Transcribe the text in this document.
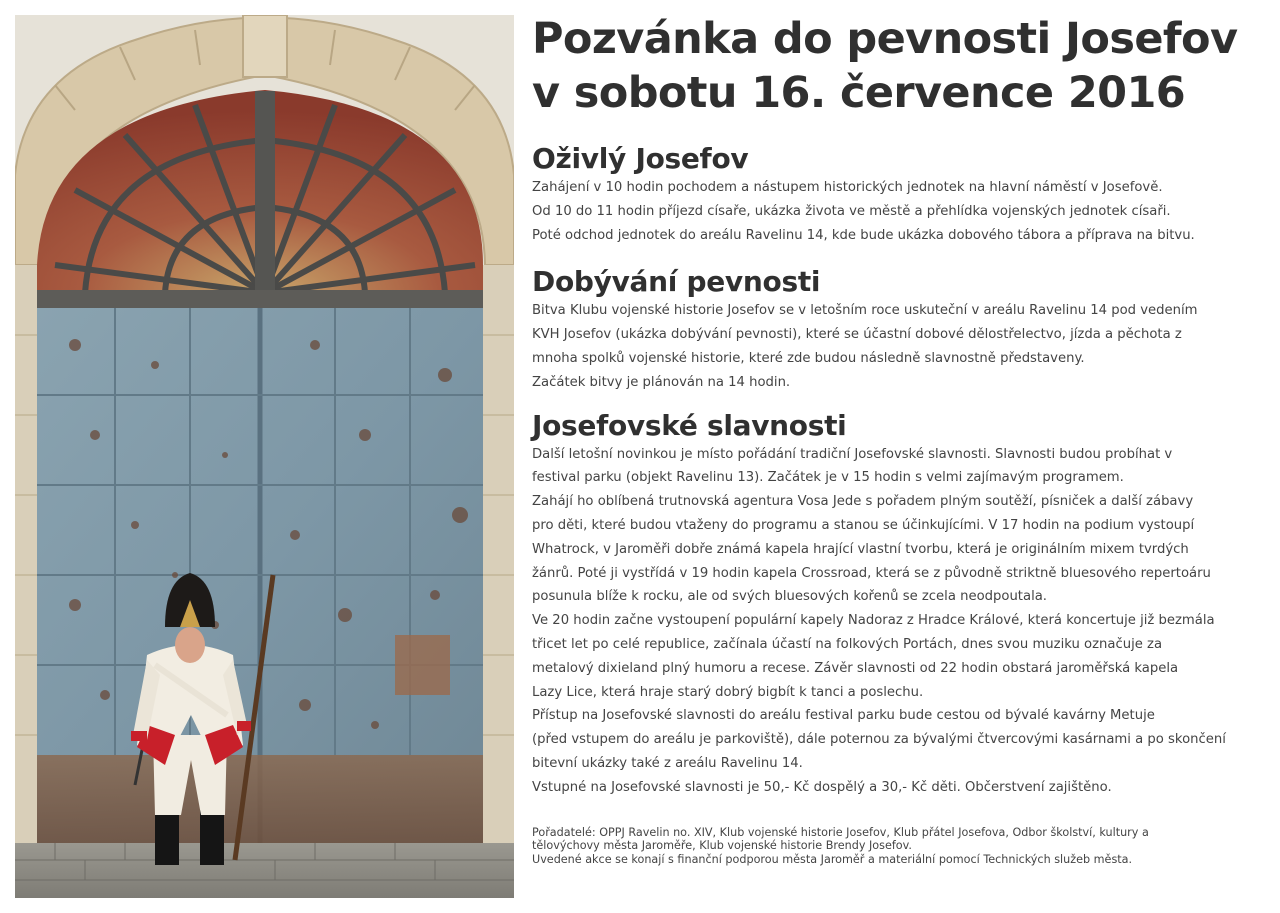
Pozvánka do pevnosti Josefov
v sobotu 16. července 2016
Oživlý Josefov

Zahájení v 10 hodin pochodem a nástupem historických jednotek na hlavní náměstí v Josefově.
Od 10 do 11 hodin příjezd císaře, ukázka života ve městě a přehlídka vojenských jednotek císaři.
Poté odchod jednotek do areálu Ravelinu 14, kde bude ukázka dobového tábora a příprava na bitvu.

Dobývání pevnosti

Bitva Klubu vojenské historie Josefov se v letošním roce uskuteční v areálu Ravelinu 14 pod vedením
KVH Josefov (ukázka dobývání pevnosti), které se účastní dobové dělostřelectvo, jízda a pěchota z
mnoha spolků vojenské historie, které zde budou následně slavnostně představeny.
Začátek bitvy je plánován na 14 hodin.

Josefovské slavnosti

Další letošní novinkou je místo pořádání tradiční Josefovské slavnosti. Slavnosti budou probíhat v
festival parku (objekt Ravelinu 13). Začátek je v 15 hodin s velmi zajímavým programem.
Zahájí ho oblíbená trutnovská agentura Vosa Jede s pořadem plným soutěží, písniček a další zábavy
pro děti, které budou vtaženy do programu a stanou se účinkujícími. V 17 hodin na podium vystoupí
Whatrock, v Jaroměři dobře známá kapela hrající vlastní tvorbu, která je originálním mixem tvrdých
žánrů. Poté ji vystřídá v 19 hodin kapela Crossroad, která se z původně striktně bluesového repertoáru
posunula blíže k rocku, ale od svých bluesových kořenů se zcela neodpoutala.
Ve 20 hodin začne vystoupení populární kapely Nadoraz z Hradce Králové, která koncertuje již bezmála
třicet let po celé republice, začínala účastí na folkových Portách, dnes svou muziku označuje za
metalový dixieland plný humoru a recese. Závěr slavnosti od 22 hodin obstará jaroměřská kapela
Lazy Lice, která hraje starý dobrý bigbít k tanci a poslechu.
Přístup na Josefovské slavnosti do areálu festival parku bude cestou od bývalé kavárny Metuje
(před vstupem do areálu je parkoviště), dále poternou za bývalými čtvercovými kasárnami a po skončení
bitevní ukázky také z areálu Ravelinu 14.
Vstupné na Josefovské slavnosti je 50,- Kč dospělý a 30,- Kč děti. Občerstvení zajištěno.

Pořadatelé: OPPJ Ravelin no. XIV, Klub vojenské historie Josefov, Klub přátel Josefova, Odbor školství, kultury a
tělovýchovy města Jaroměře, Klub vojenské historie Brendy Josefov.
Uvedené akce se konají s finanční podporou města Jaroměř a materiální pomocí Technických služeb města.
